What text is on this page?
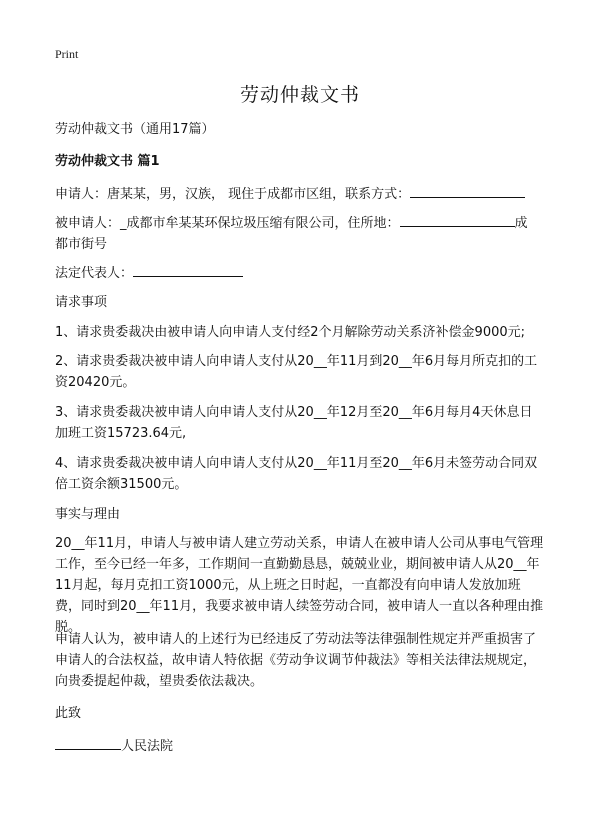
Print
劳动仲裁文书
劳动仲裁文书（通用17篇）
劳动仲裁文书 篇1
申请人：唐某某，男，汉族， 现住于成都市区组，联系方式：
被申请人：_成都市牟某某环保垃圾压缩有限公司，住所地：	成
都市街号
法定代表人：
请求事项
1、请求贵委裁决由被申请人向申请人支付经2个月解除劳动关系济补偿金9000元;
2、请求贵委裁决被申请人向申请人支付从20__年11月到20__年6月每月所克扣的工资20420元。
3、请求贵委裁决被申请人向申请人支付从20__年12月至20__年6月每月4天休息日加班工资15723.64元,
4、请求贵委裁决被申请人向申请人支付从20__年11月至20__年6月未签劳动合同双倍工资余额31500元。
事实与理由
20__年11月，申请人与被申请人建立劳动关系，申请人在被申请人公司从事电气管理工作，至今已经一年多，工作期间一直勤勤恳恳，兢兢业业，期间被申请人从20__年11月起，每月克扣工资1000元，从上班之日时起，一直都没有向申请人发放加班费，同时到20__年11月，我要求被申请人续签劳动合同，被申请人一直以各种理由推脱。
申请人认为，被申请人的上述行为已经违反了劳动法等法律强制性规定并严重损害了申请人的合法权益，故申请人特依据《劳动争议调节仲裁法》等相关法律法规规定，向贵委提起仲裁，望贵委依法裁决。
此致
人民法院
